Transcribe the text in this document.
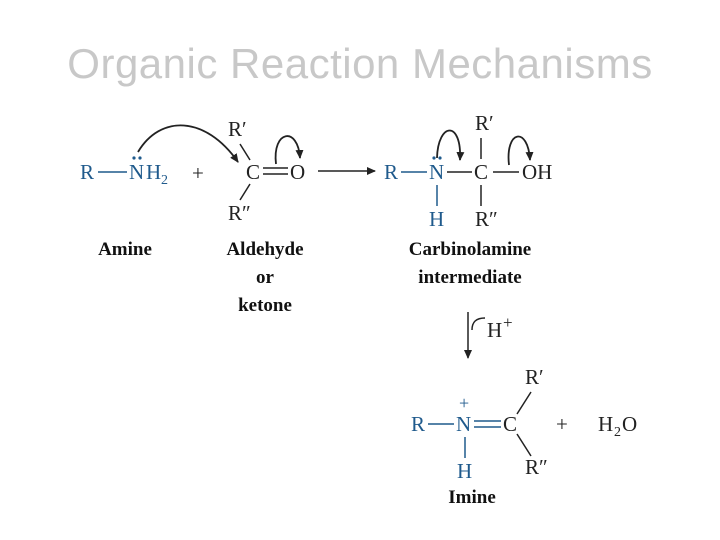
Organic Reaction Mechanisms
R N H 2 +
R′
C O
R″
Amine	Aldehyde
or
ketone
R N
H
C
R′
R″
OH
Carbinolamine
intermediate
H +
R
+
N C
H
R′
R″
+ H 2 O
Imine
